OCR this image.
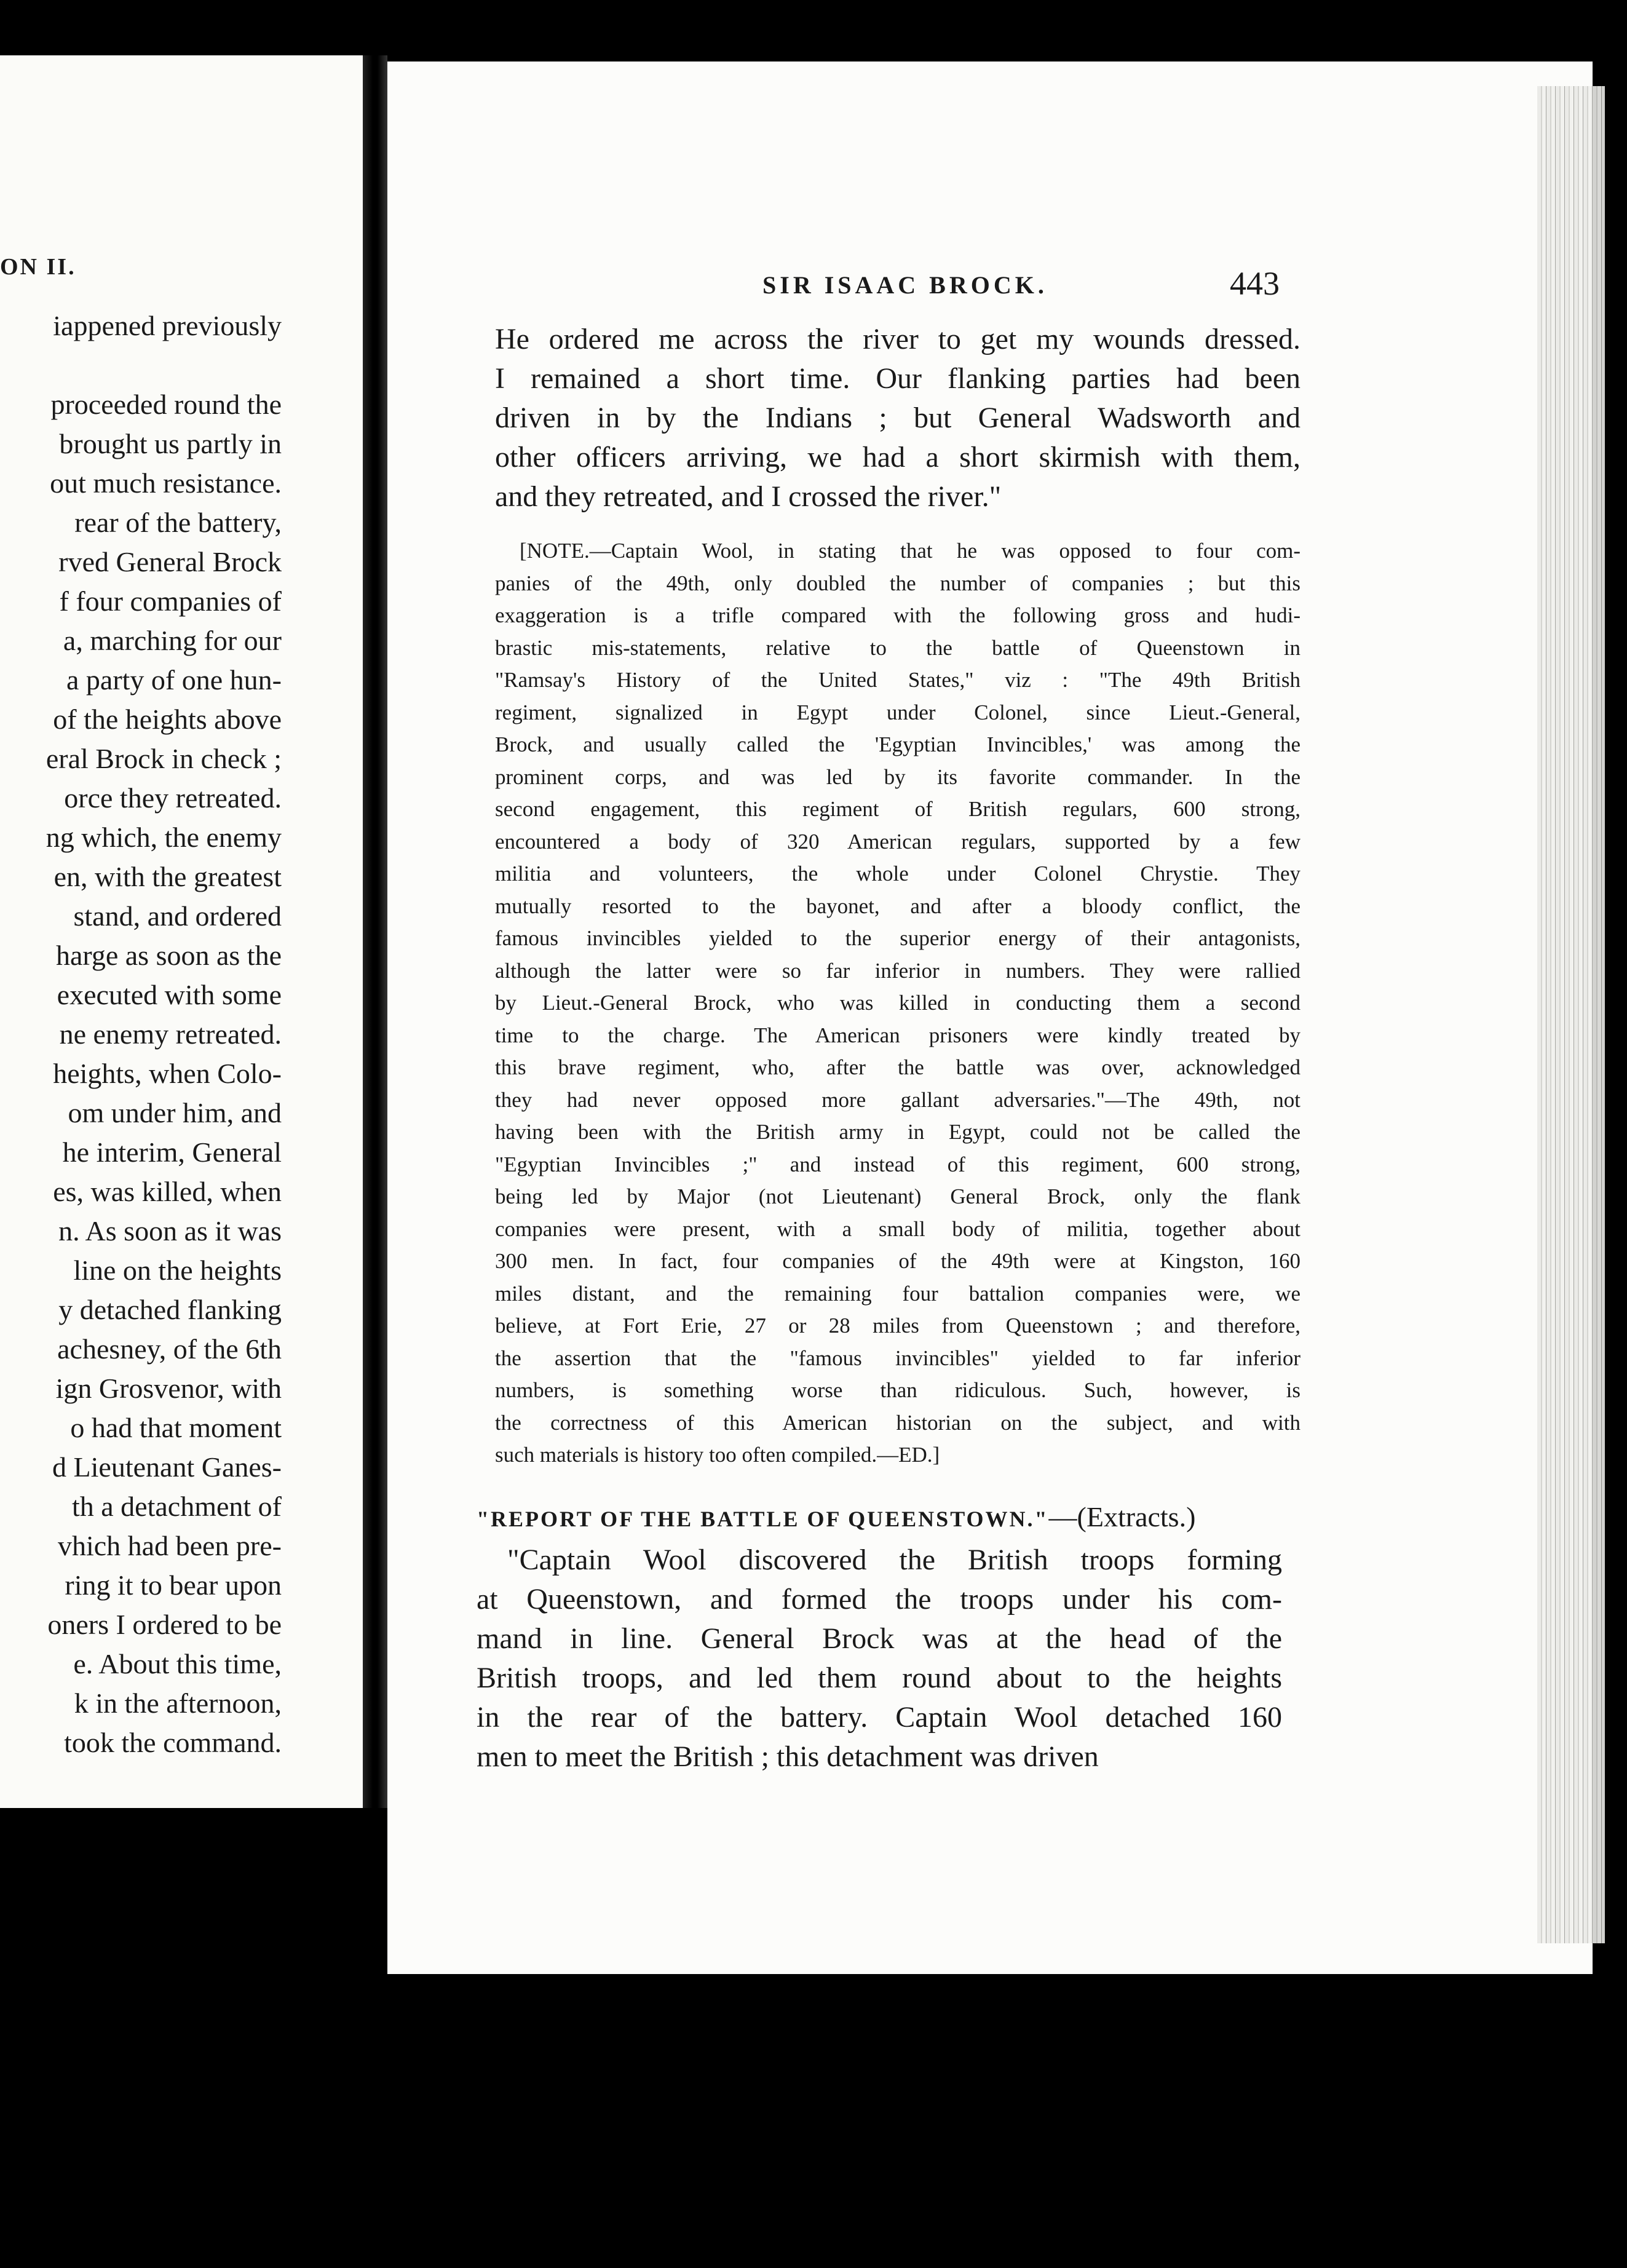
ON II.
iappened previously
proceeded round the
brought us partly in
out much resistance.
rear of the battery,
rved General Brock
f four companies of
a, marching for our
a party of one hun-
of the heights above
eral Brock in check ;
orce they retreated.
ng which, the enemy
en, with the greatest
stand, and ordered
harge as soon as the
executed with some
ne enemy retreated.
heights, when Colo-
om under him, and
he interim, General
es, was killed, when
n. As soon as it was
line on the heights
y detached flanking
achesney, of the 6th
ign Grosvenor, with
o had that moment
d Lieutenant Ganes-
th a detachment of
vhich had been pre-
ring it to bear upon
oners I ordered to be
e. About this time,
k in the afternoon,
took the command.
SIR ISAAC BROCK.	443
He ordered me across the river to get my wounds dressed.
I remained a short time. Our flanking parties had been
driven in by the Indians ; but General Wadsworth and
other officers arriving, we had a short skirmish with them,
and they retreated, and I crossed the river."
[NOTE.—Captain Wool, in stating that he was opposed to four com-
panies of the 49th, only doubled the number of companies ; but this
exaggeration is a trifle compared with the following gross and hudi-
brastic mis-statements, relative to the battle of Queenstown in
"Ramsay's History of the United States," viz : "The 49th British
regiment, signalized in Egypt under Colonel, since Lieut.-General,
Brock, and usually called the 'Egyptian Invincibles,' was among the
prominent corps, and was led by its favorite commander. In the
second engagement, this regiment of British regulars, 600 strong,
encountered a body of 320 American regulars, supported by a few
militia and volunteers, the whole under Colonel Chrystie. They
mutually resorted to the bayonet, and after a bloody conflict, the
famous invincibles yielded to the superior energy of their antagonists,
although the latter were so far inferior in numbers. They were rallied
by Lieut.-General Brock, who was killed in conducting them a second
time to the charge. The American prisoners were kindly treated by
this brave regiment, who, after the battle was over, acknowledged
they had never opposed more gallant adversaries."—The 49th, not
having been with the British army in Egypt, could not be called the
"Egyptian Invincibles ;" and instead of this regiment, 600 strong,
being led by Major (not Lieutenant) General Brock, only the flank
companies were present, with a small body of militia, together about
300 men. In fact, four companies of the 49th were at Kingston, 160
miles distant, and the remaining four battalion companies were, we
believe, at Fort Erie, 27 or 28 miles from Queenstown ; and therefore,
the assertion that the "famous invincibles" yielded to far inferior
numbers, is something worse than ridiculous. Such, however, is
the correctness of this American historian on the subject, and with
such materials is history too often compiled.—ED.]
"REPORT OF THE BATTLE OF QUEENSTOWN."—(Extracts.)
"Captain Wool discovered the British troops forming
at Queenstown, and formed the troops under his com-
mand in line. General Brock was at the head of the
British troops, and led them round about to the heights
in the rear of the battery. Captain Wool detached 160
men to meet the British ; this detachment was driven
